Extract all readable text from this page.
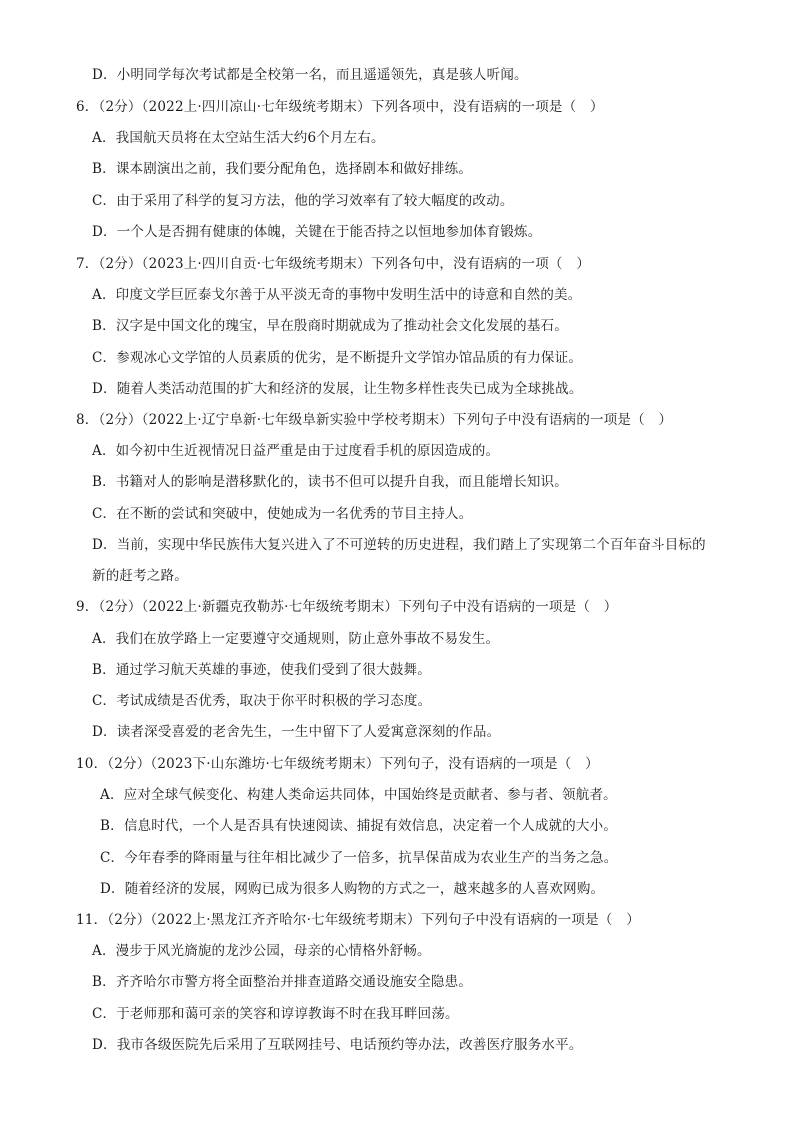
D．小明同学每次考试都是全校第一名，而且遥遥领先，真是骇人听闻。
6．（2分）（2022上·四川凉山·七年级统考期末）下列各项中，没有语病的一项是（　）
A．我国航天员将在太空站生活大约6个月左右。
B．课本剧演出之前，我们要分配角色，选择剧本和做好排练。
C．由于采用了科学的复习方法，他的学习效率有了较大幅度的改动。
D．一个人是否拥有健康的体魄，关键在于能否持之以恒地参加体育锻炼。
7．（2分）（2023上·四川自贡·七年级统考期末）下列各句中，没有语病的一项（　）
A．印度文学巨匠泰戈尔善于从平淡无奇的事物中发明生活中的诗意和自然的美。
B．汉字是中国文化的瑰宝，早在殷商时期就成为了推动社会文化发展的基石。
C．参观冰心文学馆的人员素质的优劣，是不断提升文学馆办馆品质的有力保证。
D．随着人类活动范围的扩大和经济的发展，让生物多样性丧失已成为全球挑战。
8．（2分）（2022上·辽宁阜新·七年级阜新实验中学校考期末）下列句子中没有语病的一项是（　）
A．如今初中生近视情况日益严重是由于过度看手机的原因造成的。
B．书籍对人的影响是潜移默化的，读书不但可以提升自我，而且能增长知识。
C．在不断的尝试和突破中，使她成为一名优秀的节目主持人。
D．当前，实现中华民族伟大复兴进入了不可逆转的历史进程，我们踏上了实现第二个百年奋斗目标的
新的赶考之路。
9．（2分）（2022上·新疆克孜勒苏·七年级统考期末）下列句子中没有语病的一项是（　）
A．我们在放学路上一定要遵守交通规则，防止意外事故不易发生。
B．通过学习航天英雄的事迹，使我们受到了很大鼓舞。
C．考试成绩是否优秀，取决于你平时积极的学习态度。
D．读者深受喜爱的老舍先生，一生中留下了人爱寓意深刻的作品。
10．（2分）（2023下·山东潍坊·七年级统考期末）下列句子，没有语病的一项是（　）
A．应对全球气候变化、构建人类命运共同体，中国始终是贡献者、参与者、领航者。
B．信息时代，一个人是否具有快速阅读、捕捉有效信息，决定着一个人成就的大小。
C．今年春季的降雨量与往年相比减少了一倍多，抗旱保苗成为农业生产的当务之急。
D．随着经济的发展，网购已成为很多人购物的方式之一，越来越多的人喜欢网购。
11．（2分）（2022上·黑龙江齐齐哈尔·七年级统考期末）下列句子中没有语病的一项是（　）
A．漫步于风光旖旎的龙沙公园，母亲的心情格外舒畅。
B．齐齐哈尔市警方将全面整治并排查道路交通设施安全隐患。
C．于老师那和蔼可亲的笑容和谆谆教诲不时在我耳畔回荡。
D．我市各级医院先后采用了互联网挂号、电话预约等办法，改善医疗服务水平。
